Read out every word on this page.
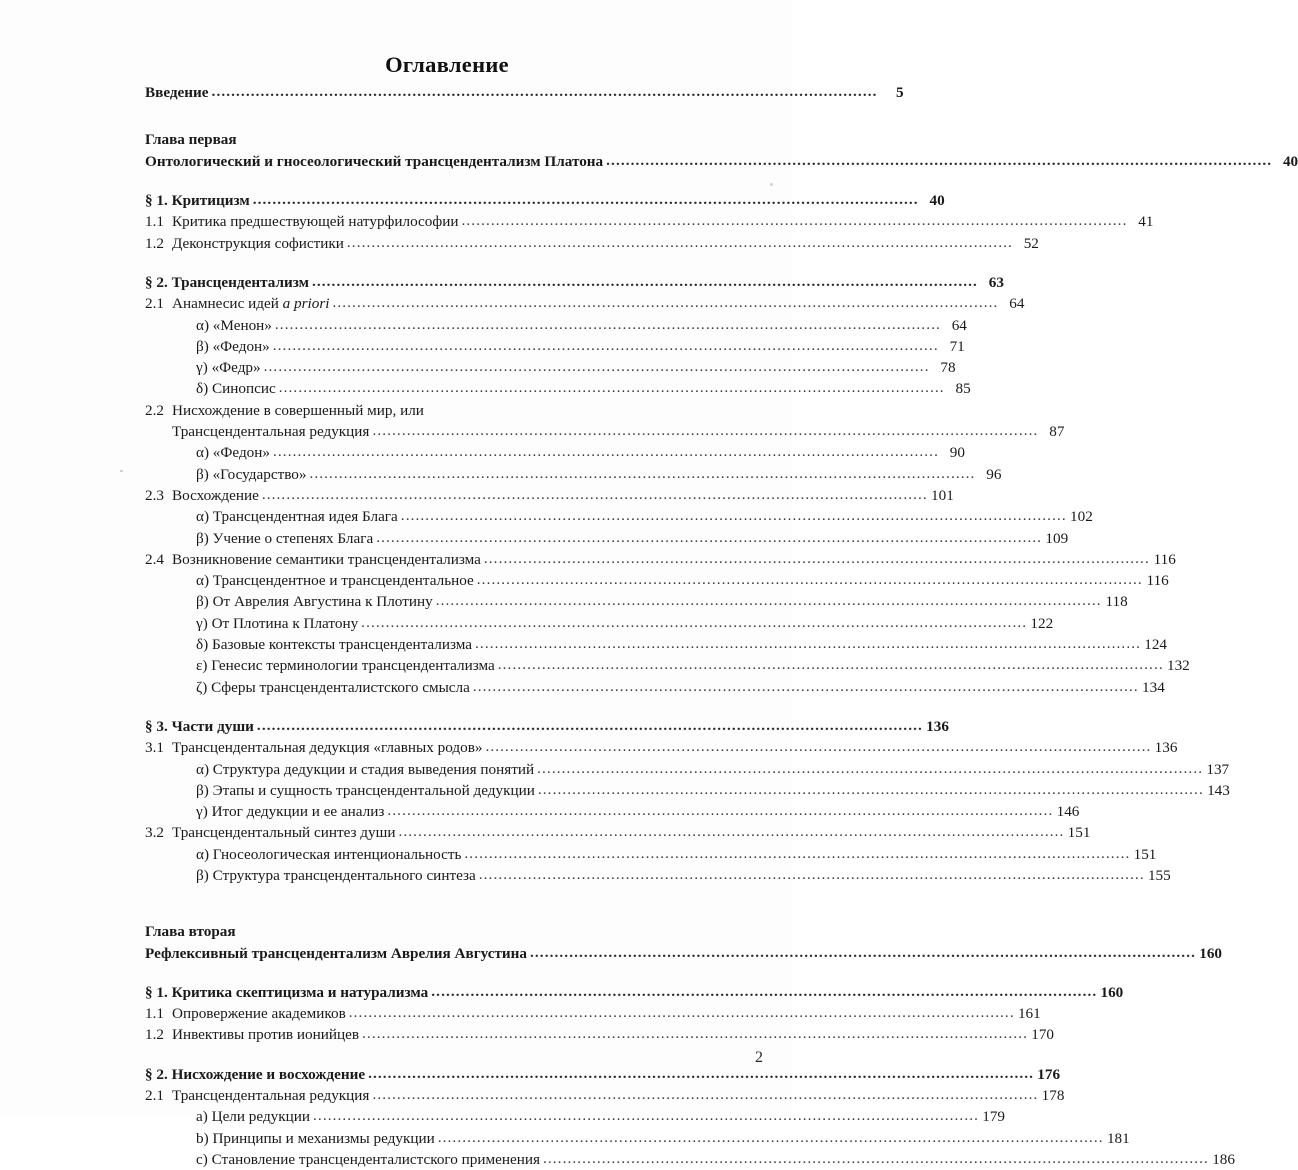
Оглавление
Введение .....	5
Глава первая
Онтологический и гносеологический трансцендентализм Платона .....	40
§ 1. Критицизм .....	40
1.1 Критика предшествующей натурфилософии .....	41
1.2 Деконструкция софистики .....	52
§ 2. Трансцендентализм .....	63
2.1 Анамнесис идей a priori .....	64
α) «Менон» .....	64
β) «Федон» .....	71
γ) «Федр» .....	78
δ) Синопсис .....	85
2.2 Нисхождение в совершенный мир, или
Трансцендентальная редукция .....	87
α) «Федон» .....	90
β) «Государство» .....	96
2.3 Восхождение .....	101
α) Трансцендентная идея Блага .....	102
β) Учение о степенях Блага .....	109
2.4 Возникновение семантики трансцендентализма .....	116
α) Трансцендентное и трансцендентальное .....	116
β) От Аврелия Августина к Плотину .....	118
γ) От Плотина к Платону .....	122
δ) Базовые контексты трансцендентализма .....	124
ε) Генесис терминологии трансцендентализма .....	132
ζ) Сферы трансценденталистского смысла .....	134
§ 3. Части души .....	136
3.1 Трансцендентальная дедукция «главных родов» .....	136
α) Структура дедукции и стадия выведения понятий .....	137
β) Этапы и сущность трансцендентальной дедукции .....	143
γ) Итог дедукции и ее анализ .....	146
3.2 Трансцендентальный синтез души .....	151
α) Гносеологическая интенциональность .....	151
β) Структура трансцендентального синтеза .....	155
Глава вторая
Рефлексивный трансцендентализм Аврелия Августина .....	160
§ 1. Критика скептицизма и натурализма .....	160
1.1 Опровержение академиков .....	161
1.2 Инвективы против ионийцев .....	170
§ 2. Нисхождение и восхождение .....	176
2.1 Трансцендентальная редукция .....	178
a) Цели редукции .....	179
b) Принципы и механизмы редукции .....	181
c) Становление трансценденталистского применения .....	186
2
